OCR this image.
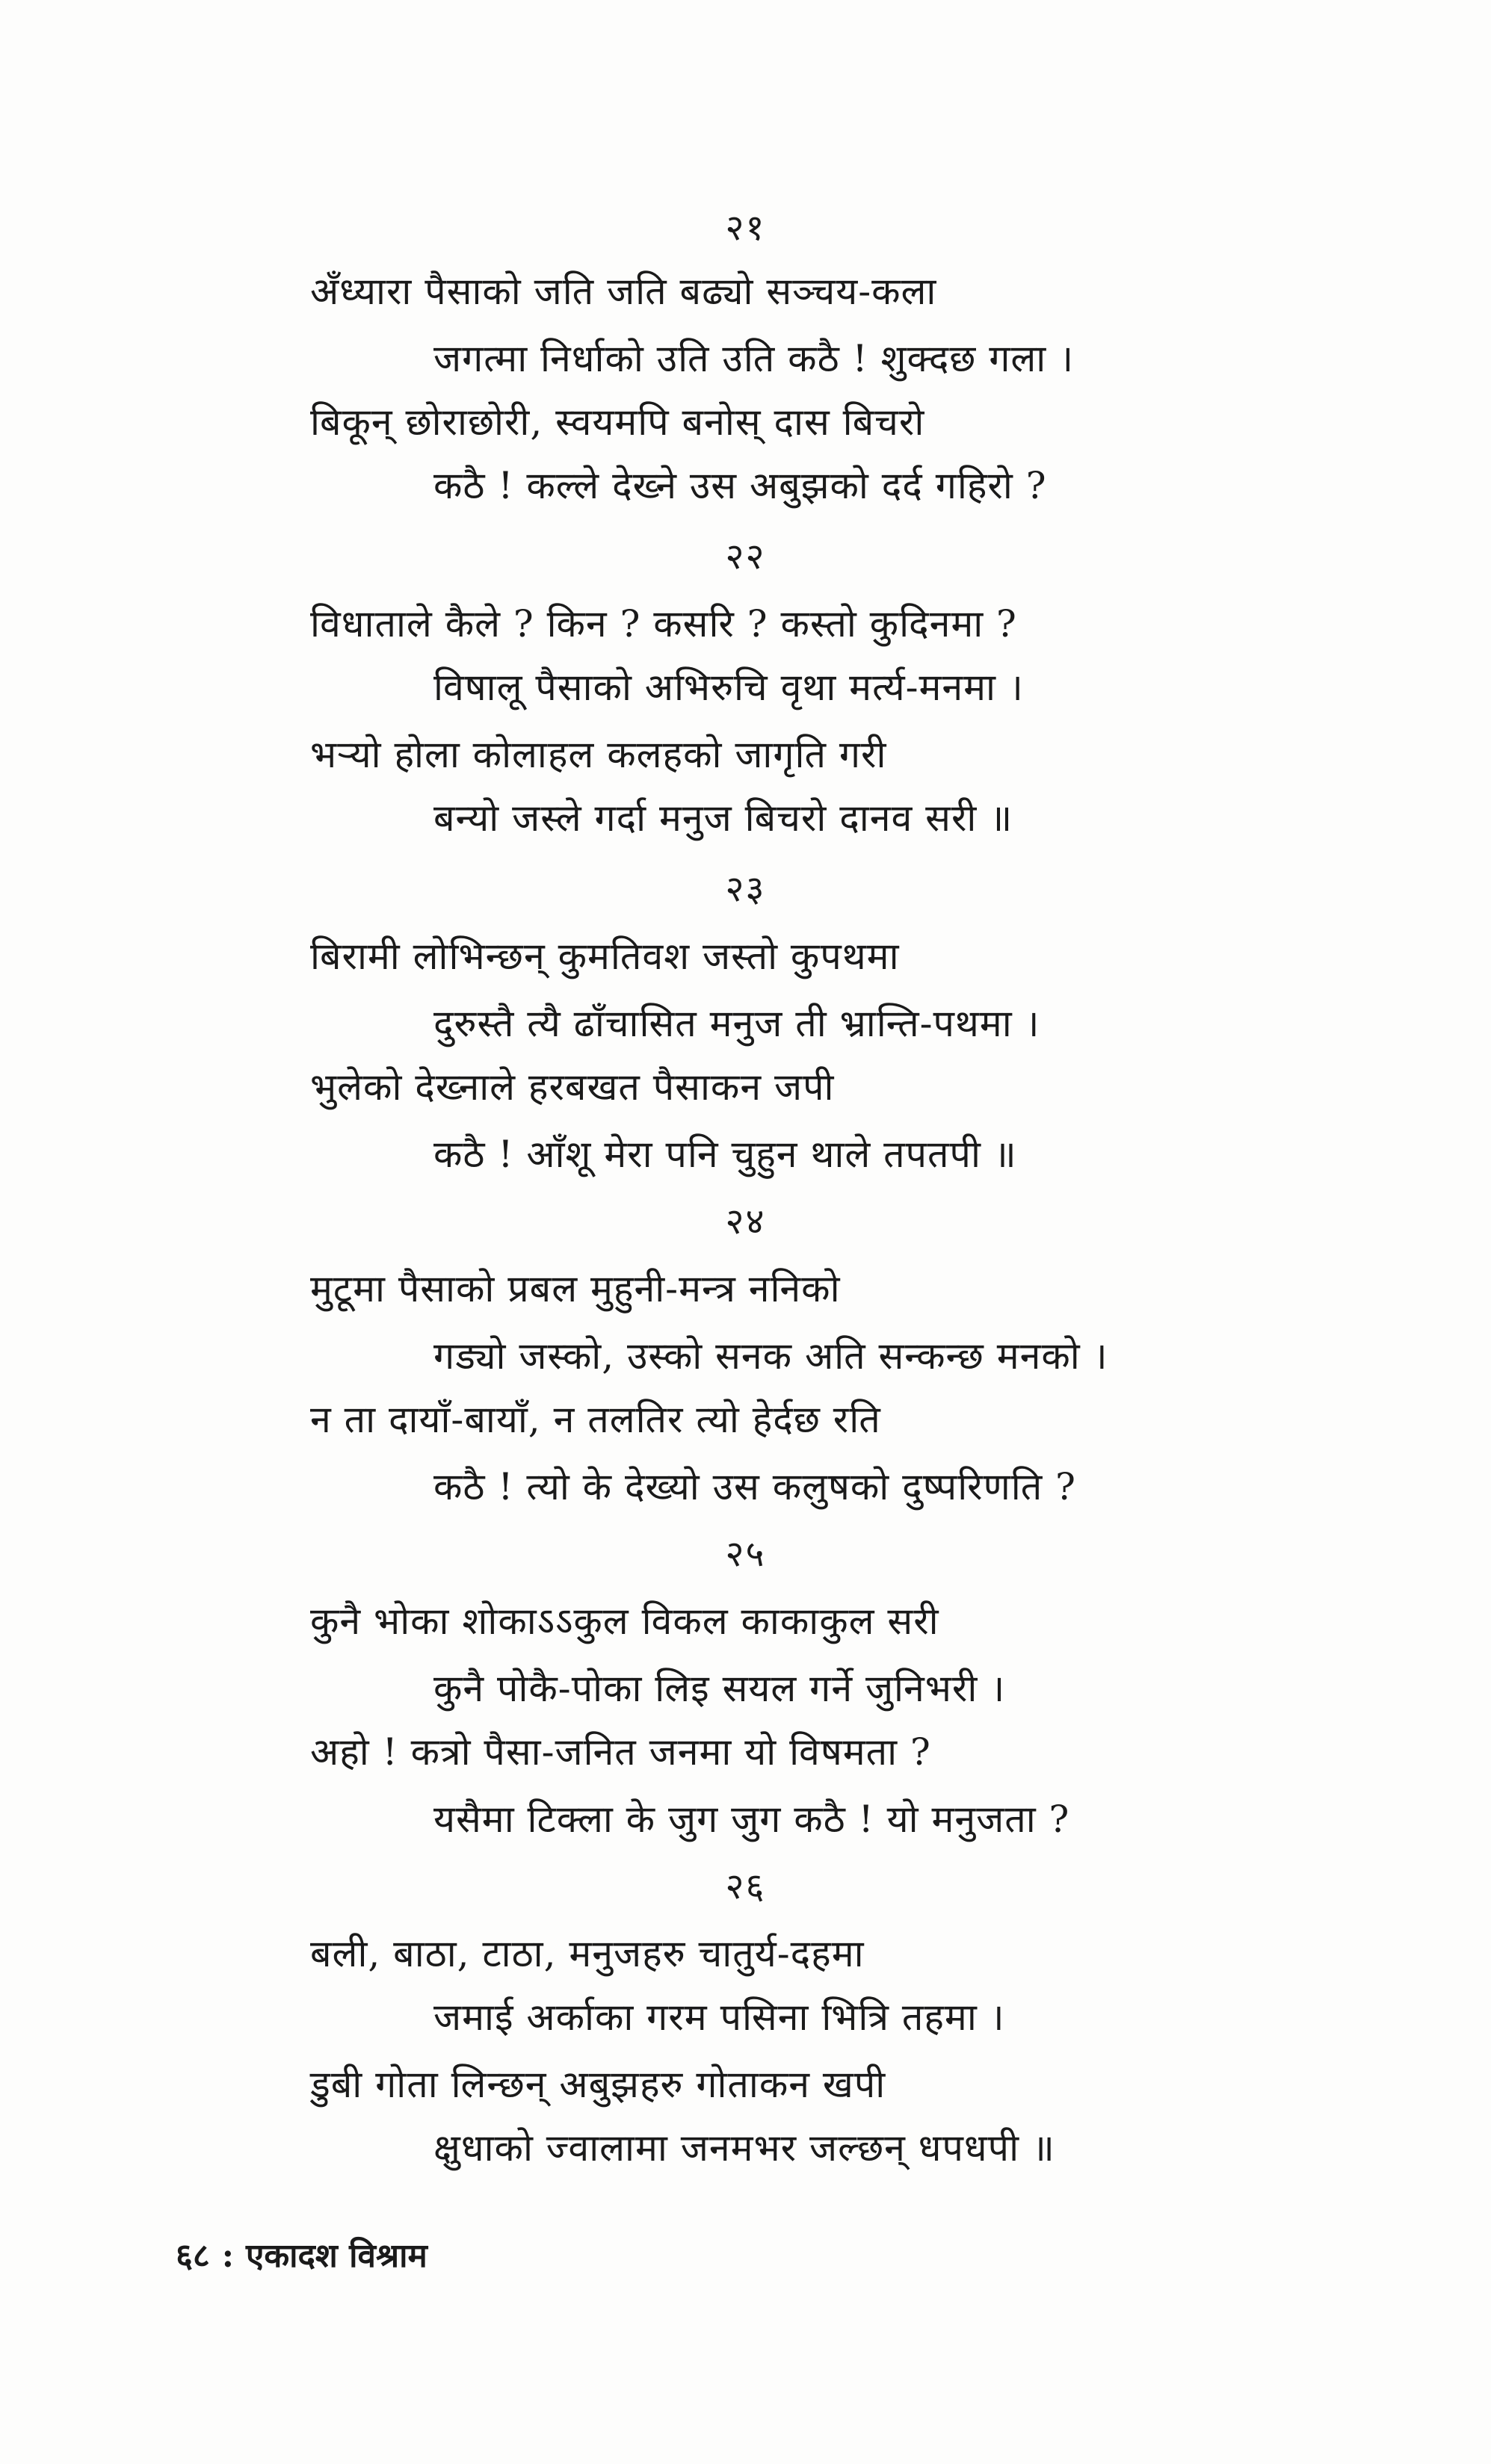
२१
अँध्यारा पैसाको जति जति बढ्यो सञ्चय-कला
जगत्मा निर्धाको उति उति कठै ! शुक्दछ गला ।
बिकून् छोराछोरी, स्वयमपि बनोस् दास बिचरो
कठै ! कल्ले देख्ने उस अबुझको दर्द गहिरो ?
२२
विधाताले कैले ? किन ? कसरि ? कस्तो कुदिनमा ?
विषालू पैसाको अभिरुचि वृथा मर्त्य-मनमा ।
भऱ्यो होला कोलाहल कलहको जागृति गरी
बन्यो जस्ले गर्दा मनुज बिचरो दानव सरी ॥
२३
बिरामी लोभिन्छन् कुमतिवश जस्तो कुपथमा
दुरुस्तै त्यै ढाँचासित मनुज ती भ्रान्ति-पथमा ।
भुलेको देख्नाले हरबखत पैसाकन जपी
कठै ! आँशू मेरा पनि चुहुन थाले तपतपी ॥
२४
मुटूमा पैसाको प्रबल मुहुनी-मन्त्र ननिको
गड्यो जस्को, उस्को सनक अति सन्कन्छ मनको ।
न ता दायाँ-बायाँ, न तलतिर त्यो हेर्दछ रति
कठै ! त्यो के देख्यो उस कलुषको दुष्परिणति ?
२५
कुनै भोका शोकाऽऽकुल विकल काकाकुल सरी
कुनै पोकै-पोका लिइ सयल गर्ने जुनिभरी ।
अहो ! कत्रो पैसा-जनित जनमा यो विषमता ?
यसैमा टिक्ला के जुग जुग कठै ! यो मनुजता ?
२६
बली, बाठा, टाठा, मनुजहरु चातुर्य-दहमा
जमाई अर्काका गरम पसिना भित्रि तहमा ।
डुबी गोता लिन्छन् अबुझहरु गोताकन खपी
क्षुधाको ज्वालामा जनमभर जल्छन् धपधपी ॥
६८ : एकादश विश्राम
